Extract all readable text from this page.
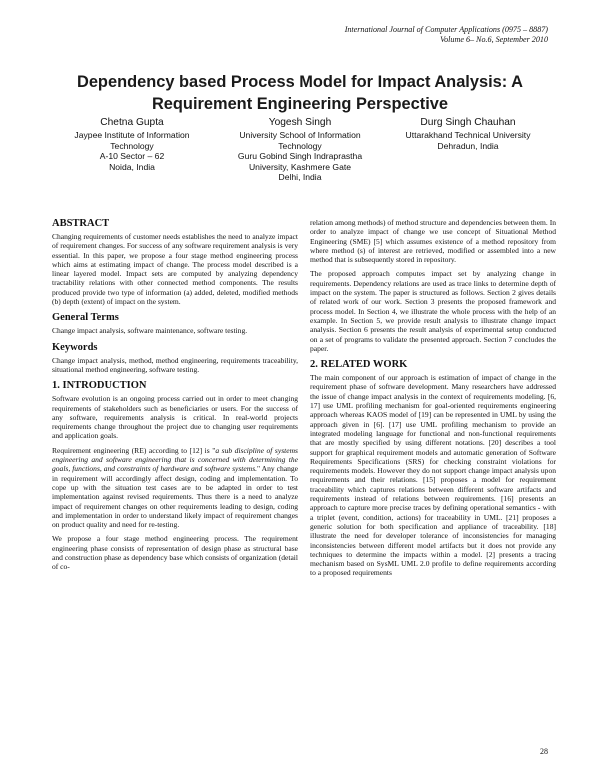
International Journal of Computer Applications (0975 – 8887)
Volume 6– No.6, September 2010
Dependency based Process Model for Impact Analysis: A Requirement Engineering Perspective
Chetna Gupta
Jaypee Institute of Information
Technology
A-10 Sector – 62
Noida, India
Yogesh Singh
University School of Information
Technology
Guru Gobind Singh Indraprastha
University, Kashmere Gate
Delhi, India
Durg Singh Chauhan
Uttarakhand Technical University
Dehradun, India
ABSTRACT

Changing requirements of customer needs establishes the need to analyze impact of requirement changes. For success of any software requirement analysis is very essential. In this paper, we propose a four stage method engineering process which aims at estimating impact of change. The process model described is a linear layered model. Impact sets are computed by analyzing dependency tractability relations with other connected method components. The results produced provide two type of information (a) added, deleted, modified methods (b) depth (extent) of impact on the system.

General Terms

Change impact analysis, software maintenance, software testing.

Keywords

Change impact analysis, method, method engineering, requirements traceability, situational method engineering, software testing.

1. INTRODUCTION

Software evolution is an ongoing process carried out in order to meet changing requirements of stakeholders such as beneficiaries or users. For the success of any software, requirements analysis is critical. In real-world projects requirements change throughout the project due to changing user requirements and application goals.

Requirement engineering (RE) according to [12] is "a sub discipline of systems engineering and software engineering that is concerned with determining the goals, functions, and constraints of hardware and software systems." Any change in requirement will accordingly affect design, coding and implementation. To cope up with the situation test cases are to be adapted in order to test implementation against revised requirements. Thus there is a need to analyze impact of requirement changes on other requirements leading to design, coding and implementation in order to understand likely impact of requirement changes on product quality and need for re-testing.

We propose a four stage method engineering process. The requirement engineering phase consists of representation of design phase as structural base and construction phase as dependency base which consists of organization (detail of co-

relation among methods) of method structure and dependencies between them. In order to analyze impact of change we use concept of Situational Method Engineering (SME) [5] which assumes existence of a method repository from where method (s) of interest are retrieved, modified or assembled into a new method that is subsequently stored in repository.

The proposed approach computes impact set by analyzing change in requirements. Dependency relations are used as trace links to determine depth of impact on the system. The paper is structured as follows. Section 2 gives details of related work of our work. Section 3 presents the proposed framework and process model. In Section 4, we illustrate the whole process with the help of an example. In Section 5, we provide result analysis to illustrate change impact analysis. Section 6 presents the result analysis of experimental setup conducted on a set of programs to validate the presented approach. Section 7 concludes the paper.

2. RELATED WORK

The main component of our approach is estimation of impact of change in the requirement phase of software development. Many researchers have addressed the issue of change impact analysis in the context of requirements modeling. [6, 17] use UML profiling mechanism for goal-oriented requirements engineering approach whereas KAOS model of [19] can be represented in UML by using the approach given in [6]. [17] use UML profiling mechanism to provide an integrated modeling language for functional and non-functional requirements that are mostly specified by using different notations. [20] describes a tool support for graphical requirement models and automatic generation of Software Requirements Specifications (SRS) for checking constraint violations for requirements models. However they do not support change impact analysis upon requirements and their relations. [15] proposes a model for requirement traceability which captures relations between different software artifacts and requirements instead of relations between requirements. [16] presents an approach to capture more precise traces by defining operational semantics - with a triplet (event, condition, actions) for traceability in UML. [21] proposes a generic solution for both specification and appliance of traceability. [18] illustrate the need for developer tolerance of inconsistencies for managing inconsistencies between different model artifacts but it does not provide any techniques to determine the impacts within a model. [2] presents a tracing mechanism based on SysML UML 2.0 profile to define requirements according to a proposed requirements

28
